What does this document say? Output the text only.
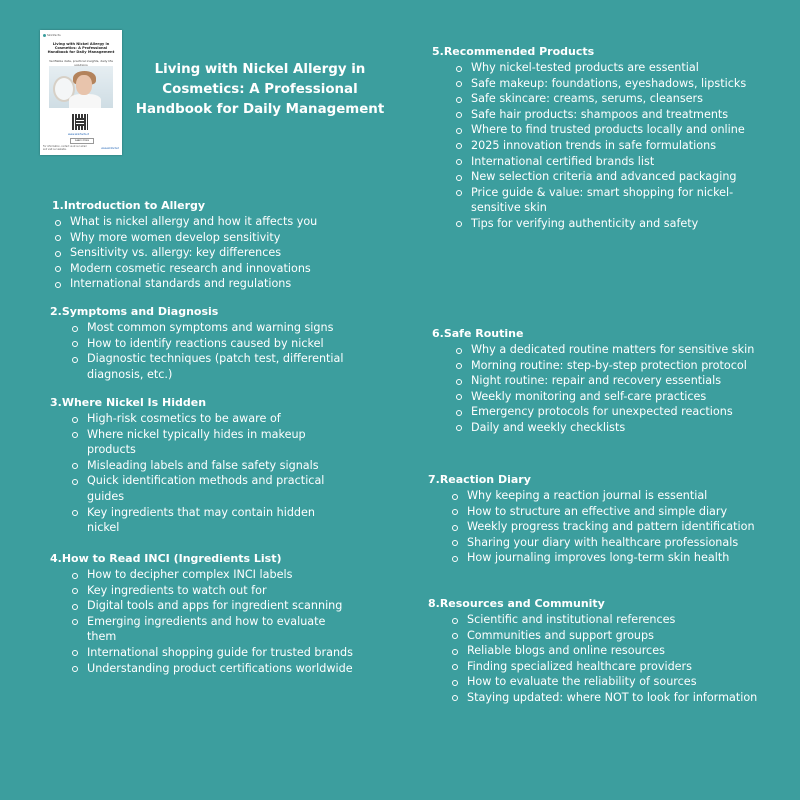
Skinfacts
Living with Nickel Allergy in Cosmetics: A Professional Handbook for Daily Management
Verifiable data, practical insights, daily life
www.skinfacts.it
Learn more
For information, contact us at our email and visit our website.	www.skinfacts.it
Living with Nickel Allergy in Cosmetics: A Professional Handbook for Daily Management
1.Introduction to Allergy
What is nickel allergy and how it affects you
Why more women develop sensitivity
Sensitivity vs. allergy: key differences
Modern cosmetic research and innovations
International standards and regulations
2.Symptoms and Diagnosis
Most common symptoms and warning signs
How to identify reactions caused by nickel
Diagnostic techniques (patch test, differential diagnosis, etc.)
3.Where Nickel Is Hidden
High-risk cosmetics to be aware of
Where nickel typically hides in makeup products
Misleading labels and false safety signals
Quick identification methods and practical guides
Key ingredients that may contain hidden nickel
4.How to Read INCI (Ingredients List)
How to decipher complex INCI labels
Key ingredients to watch out for
Digital tools and apps for ingredient scanning
Emerging ingredients and how to evaluate them
International shopping guide for trusted brands
Understanding product certifications worldwide
5.Recommended Products
Why nickel-tested products are essential
Safe makeup: foundations, eyeshadows, lipsticks
Safe skincare: creams, serums, cleansers
Safe hair products: shampoos and treatments
Where to find trusted products locally and online
2025 innovation trends in safe formulations
International certified brands list
New selection criteria and advanced packaging
Price guide & value: smart shopping for nickel-sensitive skin
Tips for verifying authenticity and safety
6.Safe Routine
Why a dedicated routine matters for sensitive skin
Morning routine: step-by-step protection protocol
Night routine: repair and recovery essentials
Weekly monitoring and self-care practices
Emergency protocols for unexpected reactions
Daily and weekly checklists
7.Reaction Diary
Why keeping a reaction journal is essential
How to structure an effective and simple diary
Weekly progress tracking and pattern identification
Sharing your diary with healthcare professionals
How journaling improves long-term skin health
8.Resources and Community
Scientific and institutional references
Communities and support groups
Reliable blogs and online resources
Finding specialized healthcare providers
How to evaluate the reliability of sources
Staying updated: where NOT to look for information
